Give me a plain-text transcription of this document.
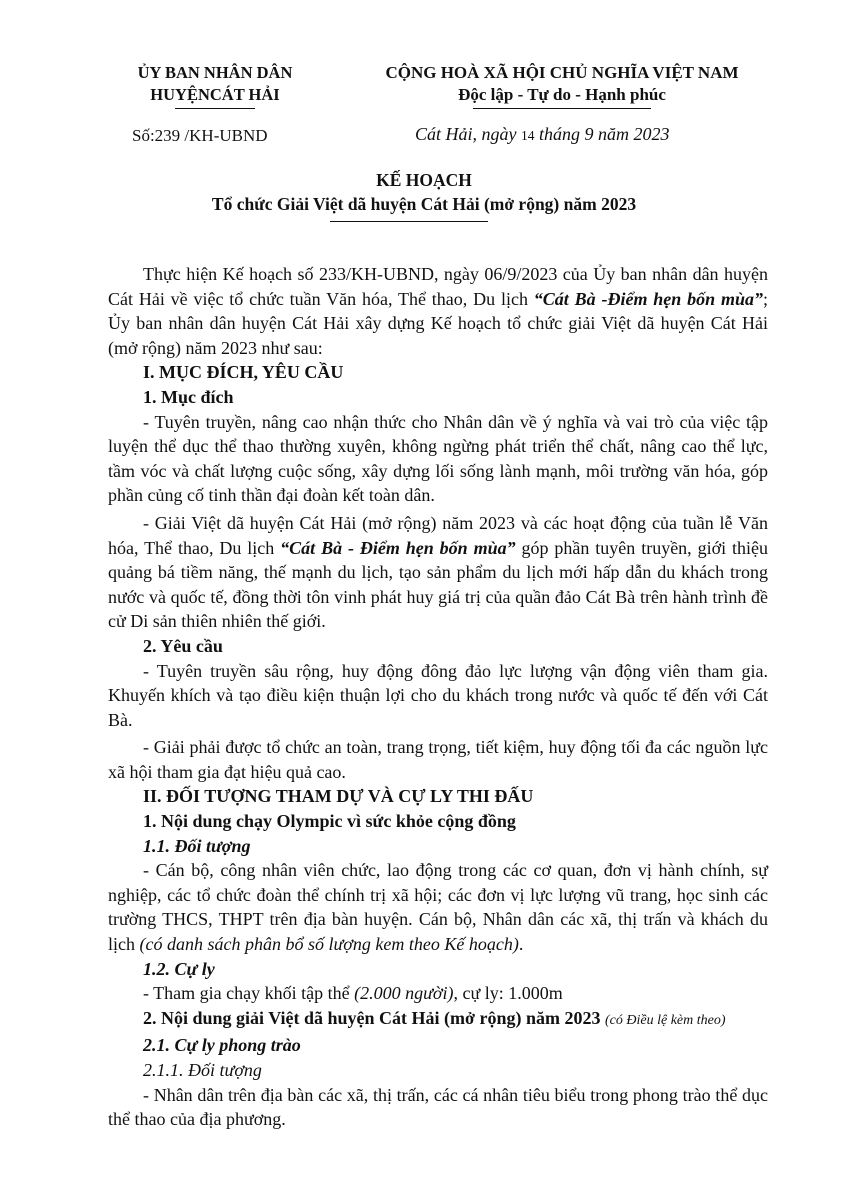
ỦY BAN NHÂN DÂN
HUYỆNCÁT HẢI
CỘNG HOÀ XÃ HỘI CHỦ NGHĨA VIỆT NAM
Độc lập - Tự do - Hạnh phúc
Số:239 /KH-UBND	Cát Hải, ngày 14 tháng 9 năm 2023
KẾ HOẠCH
Tổ chức Giải Việt dã huyện Cát Hải (mở rộng) năm 2023

Thực hiện Kế hoạch số 233/KH-UBND, ngày 06/9/2023 của Ủy ban nhân dân huyện Cát Hải về việc tổ chức tuần Văn hóa, Thể thao, Du lịch “Cát Bà -Điểm hẹn bốn mùa”; Ủy ban nhân dân huyện Cát Hải xây dựng Kế hoạch tổ chức giải Việt dã huyện Cát Hải (mở rộng) năm 2023 như sau:

I. MỤC ĐÍCH, YÊU CẦU
1. Mục đích

- Tuyên truyền, nâng cao nhận thức cho Nhân dân về ý nghĩa và vai trò của việc tập luyện thể dục thể thao thường xuyên, không ngừng phát triển thể chất, nâng cao thể lực, tầm vóc và chất lượng cuộc sống, xây dựng lối sống lành mạnh, môi trường văn hóa, góp phần củng cố tinh thần đại đoàn kết toàn dân.

- Giải Việt dã huyện Cát Hải (mở rộng) năm 2023 và các hoạt động của tuần lễ Văn hóa, Thể thao, Du lịch “Cát Bà - Điểm hẹn bốn mùa” góp phần tuyên truyền, giới thiệu quảng bá tiềm năng, thế mạnh du lịch, tạo sản phẩm du lịch mới hấp dẫn du khách trong nước và quốc tế, đồng thời tôn vinh phát huy giá trị của quần đảo Cát Bà trên hành trình đề cử Di sản thiên nhiên thế giới.

2. Yêu cầu

- Tuyên truyền sâu rộng, huy động đông đảo lực lượng vận động viên tham gia. Khuyến khích và tạo điều kiện thuận lợi cho du khách trong nước và quốc tế đến với Cát Bà.

- Giải phải được tổ chức an toàn, trang trọng, tiết kiệm, huy động tối đa các nguồn lực xã hội tham gia đạt hiệu quả cao.

II. ĐỐI TƯỢNG THAM DỰ VÀ CỰ LY THI ĐẤU
1. Nội dung chạy Olympic vì sức khỏe cộng đồng
1.1. Đối tượng

- Cán bộ, công nhân viên chức, lao động trong các cơ quan, đơn vị hành chính, sự nghiệp, các tổ chức đoàn thể chính trị xã hội; các đơn vị lực lượng vũ trang, học sinh các trường THCS, THPT trên địa bàn huyện. Cán bộ, Nhân dân các xã, thị trấn và khách du lịch (có danh sách phân bổ số lượng kem theo Kế hoạch).

1.2. Cự ly

- Tham gia chạy khối tập thể (2.000 người), cự ly: 1.000m

2. Nội dung giải Việt dã huyện Cát Hải (mở rộng) năm 2023 (có Điều lệ kèm theo)
2.1. Cự ly phong trào
2.1.1. Đối tượng

- Nhân dân trên địa bàn các xã, thị trấn, các cá nhân tiêu biểu trong phong trào thể dục thể thao của địa phương.
